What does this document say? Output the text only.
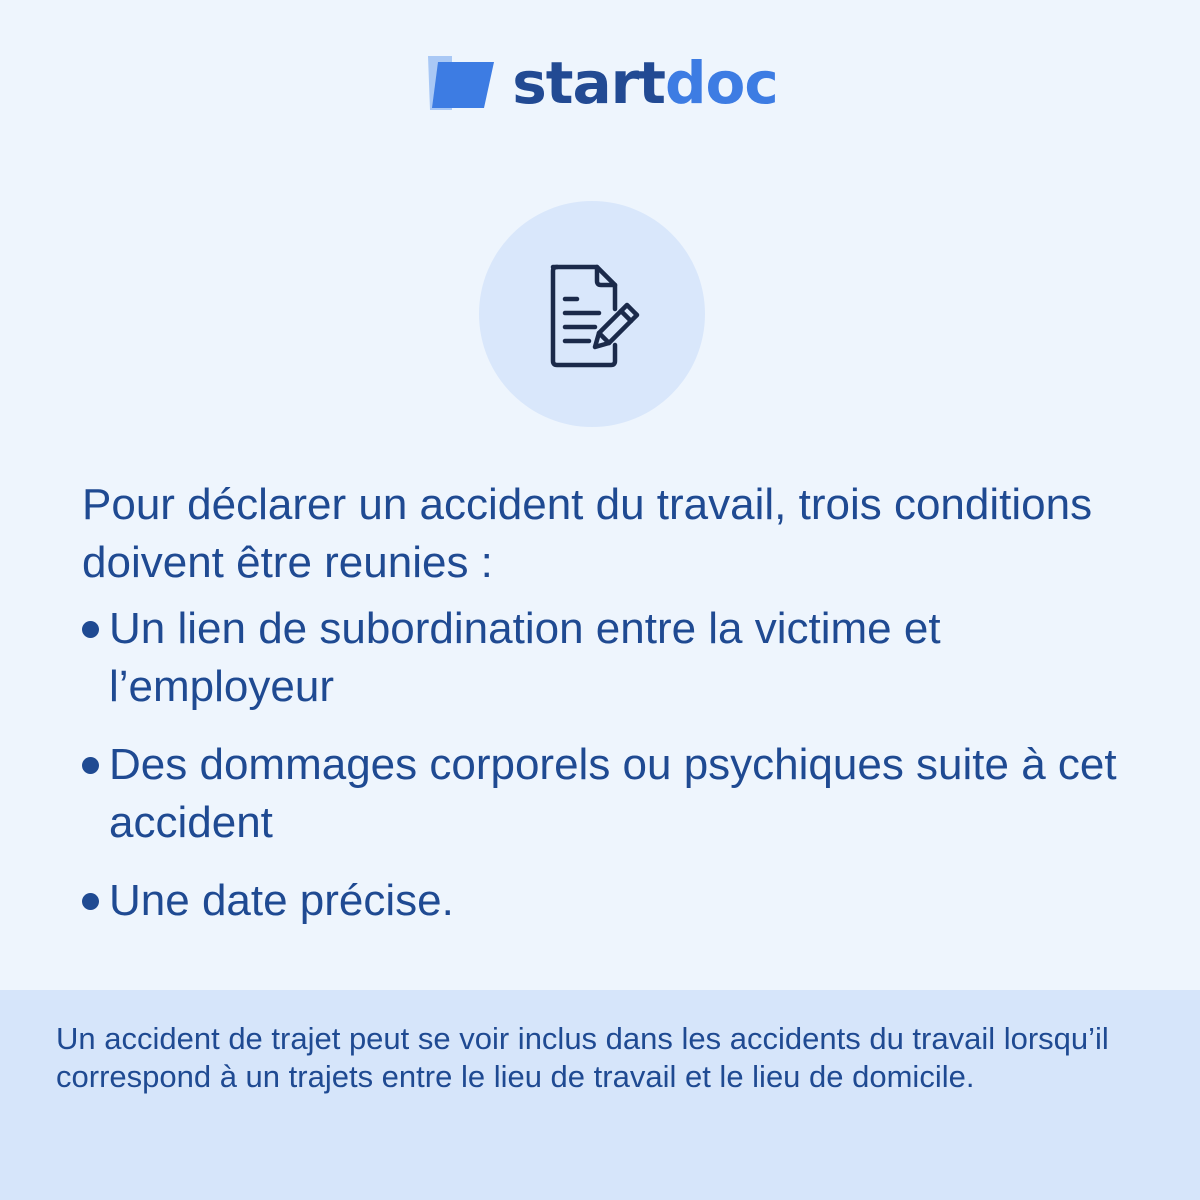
startdoc

Pour déclarer un accident du travail, trois conditions doivent être reunies :

Un lien de subordination entre la victime et l’employeur
Des dommages corporels ou psychiques suite à cet accident
Une date précise.

Un accident de trajet peut se voir inclus dans les accidents du travail lorsqu’il correspond à un trajets entre le lieu de travail et le lieu de domicile.
